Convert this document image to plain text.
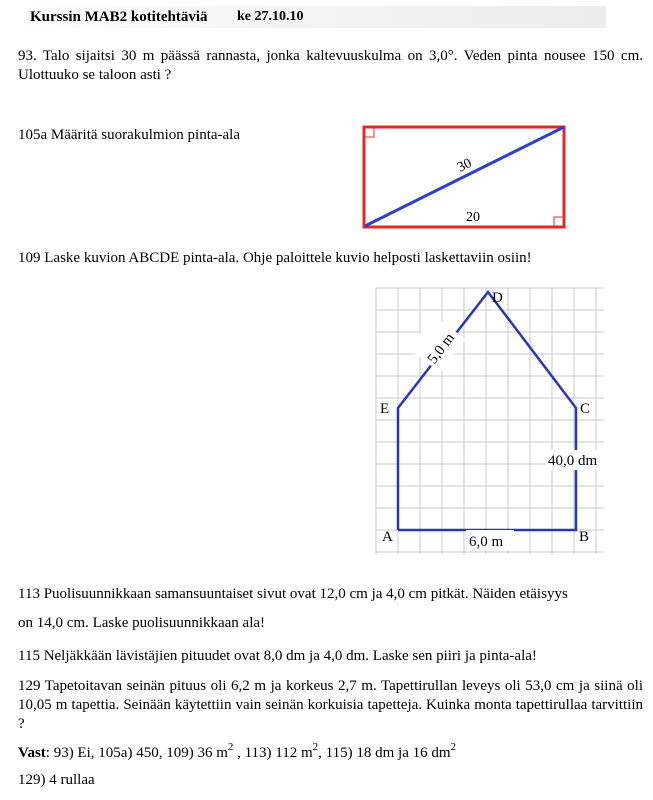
Kurssin MAB2 kotitehtäviä ke 27.10.10
93. Talo sijaitsi 30 m päässä rannasta, jonka kaltevuuskulma on 3,0°. Veden pinta nousee 150 cm. Ulottuuko se taloon asti ?
105a Määritä suorakulmion pinta-ala
30
20
109 Laske kuvion ABCDE pinta-ala. Ohje paloittele kuvio helposti laskettaviin osiin!
D
E	C
A	B
5,0 m
40,0 dm
6,0 m
113 Puolisuunnikkaan samansuuntaiset sivut ovat 12,0 cm ja 4,0 cm pitkät. Näiden etäisyys
on 14,0 cm. Laske puolisuunnikkaan ala!
115 Neljäkkään lävistäjien pituudet ovat 8,0 dm ja 4,0 dm. Laske sen piiri ja pinta-ala!
129 Tapetoitavan seinän pituus oli 6,2 m ja korkeus 2,7 m. Tapettirullan leveys oli 53,0 cm ja siinä oli 10,05 m tapettia. Seinään käytettiin vain seinän korkuisia tapetteja. Kuinka monta tapettirullaa tarvittiin ?
Vast: 93) Ei, 105a) 450, 109) 36 $m^2$ , 113) 112 $m^2$, 115) 18 dm ja 16 $dm^2$
129) 4 rullaa
